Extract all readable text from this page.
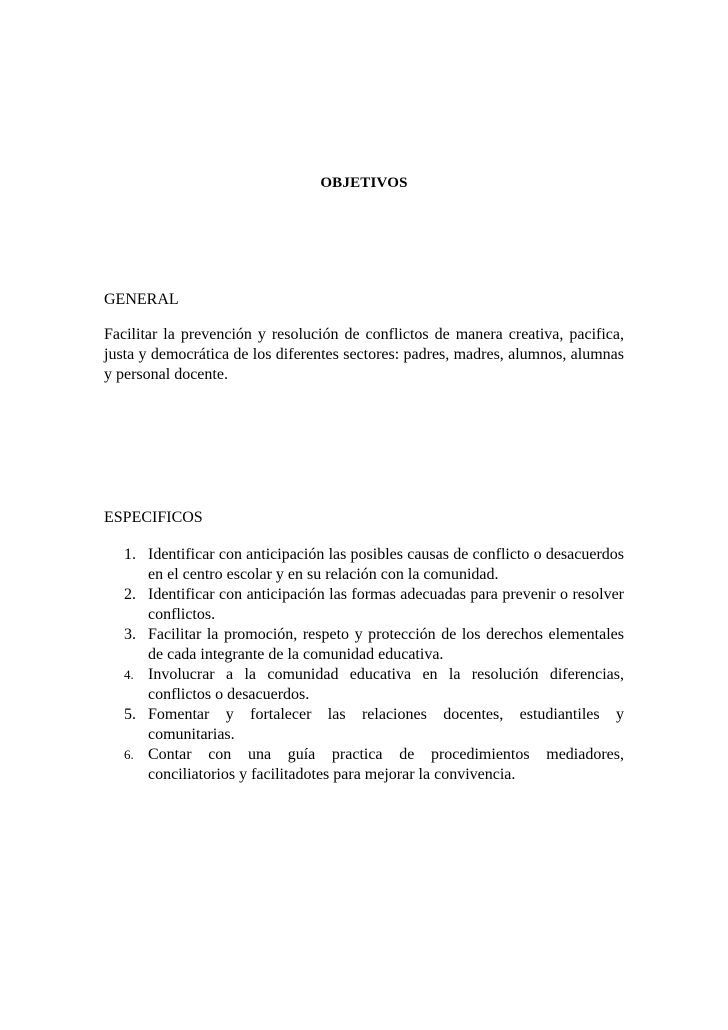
OBJETIVOS
GENERAL
Facilitar la prevención y resolución de conflictos de manera creativa, pacifica, justa y democrática de los diferentes sectores: padres, madres, alumnos, alumnas y personal docente.
ESPECIFICOS
1. Identificar con anticipación las posibles causas de conflicto o desacuerdos en el centro escolar y en su relación con la comunidad.
2. Identificar con anticipación las formas adecuadas para prevenir o resolver conflictos.
3. Facilitar la promoción, respeto y protección de los derechos elementales de cada integrante de la comunidad educativa.
4. Involucrar a la comunidad educativa en la resolución diferencias, conflictos o desacuerdos.
5. Fomentar y fortalecer las relaciones docentes, estudiantiles y comunitarias.
6. Contar con una guía practica de procedimientos mediadores, conciliatorios y facilitadotes para mejorar la convivencia.
